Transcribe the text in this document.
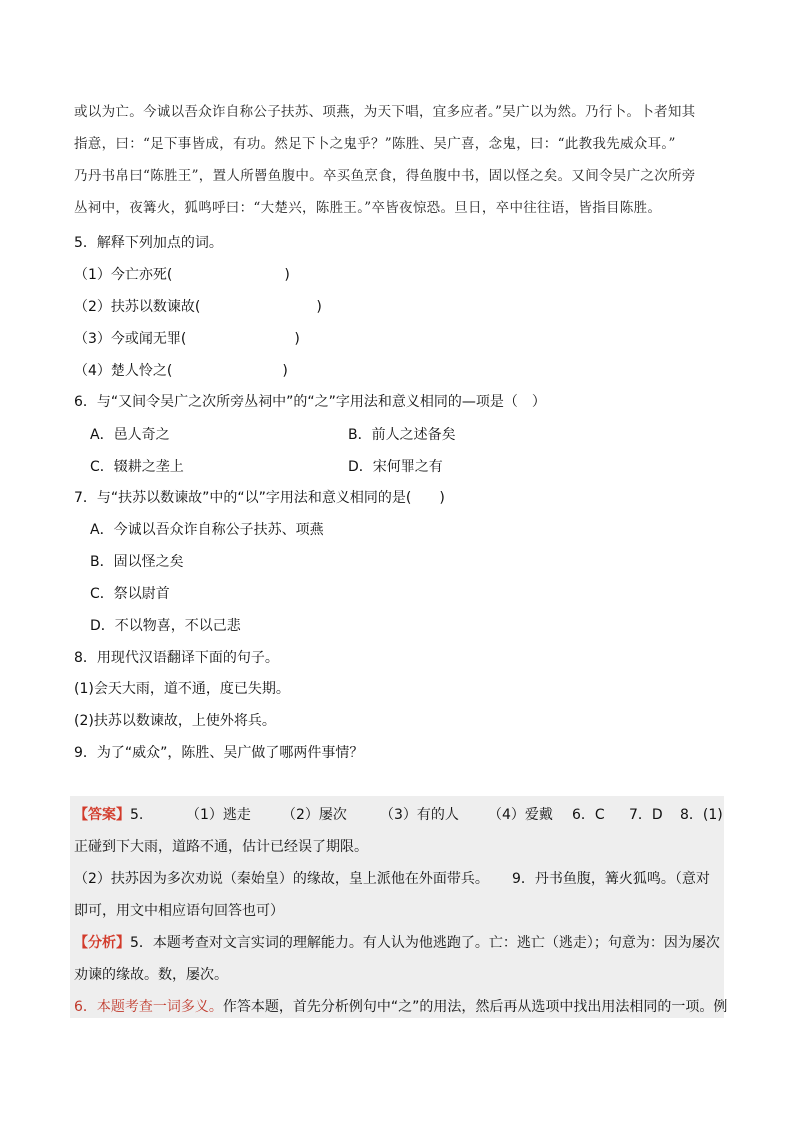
或以为亡。今诚以吾众诈自称公子扶苏、项燕，为天下唱，宜多应者。”吴广以为然。乃行卜。卜者知其

指意，曰：“足下事皆成，有功。然足下卜之鬼乎？”陈胜、吴广喜，念鬼，曰：“此教我先威众耳。”

乃丹书帛曰“陈胜王”，置人所罾鱼腹中。卒买鱼烹食，得鱼腹中书，固以怪之矣。又间令吴广之次所旁

丛祠中，夜篝火，狐鸣呼曰：“大楚兴，陈胜王。”卒皆夜惊恐。旦日，卒中往往语，皆指目陈胜。

5．解释下列加点的词。
（1）今亡亦死(	)
（2）扶苏以数谏故(	)
（3）今或闻无罪(	)
（4）楚人怜之(	)
6．与“又间令吴广之次所旁丛祠中”的“之”字用法和意义相同的—项是（　）
A．邑人奇之	B．前人之述备矣
C．辍耕之垄上	D．宋何罪之有
7．与“扶苏以数谏故”中的“以”字用法和意义相同的是(　　)
A．今诚以吾众诈自称公子扶苏、项燕
B．固以怪之矣
C．祭以尉首
D．不以物喜，不以己悲
8．用现代汉语翻译下面的句子。
(1)会天大雨，道不通，度已失期。
(2)扶苏以数谏故，上使外将兵。
9．为了“威众”，陈胜、吴广做了哪两件事情？
【答案】5.	（1）逃走 （2）屡次 （3）有的人 （4）爱戴 6．C 7．D 8．(1)
正碰到下大雨，道路不通，估计已经误了期限。
（2）扶苏因为多次劝说（秦始皇）的缘故，皇上派他在外面带兵。 9．丹书鱼腹，篝火狐鸣。（意对
即可，用文中相应语句回答也可）
【分析】5．本题考查对文言实词的理解能力。有人认为他逃跑了。亡：逃亡（逃走）；句意为：因为屡次
劝谏的缘故。数，屡次。
6．本题考查一词多义。作答本题，首先分析例句中“之”的用法，然后再从选项中找出用法相同的一项。例
